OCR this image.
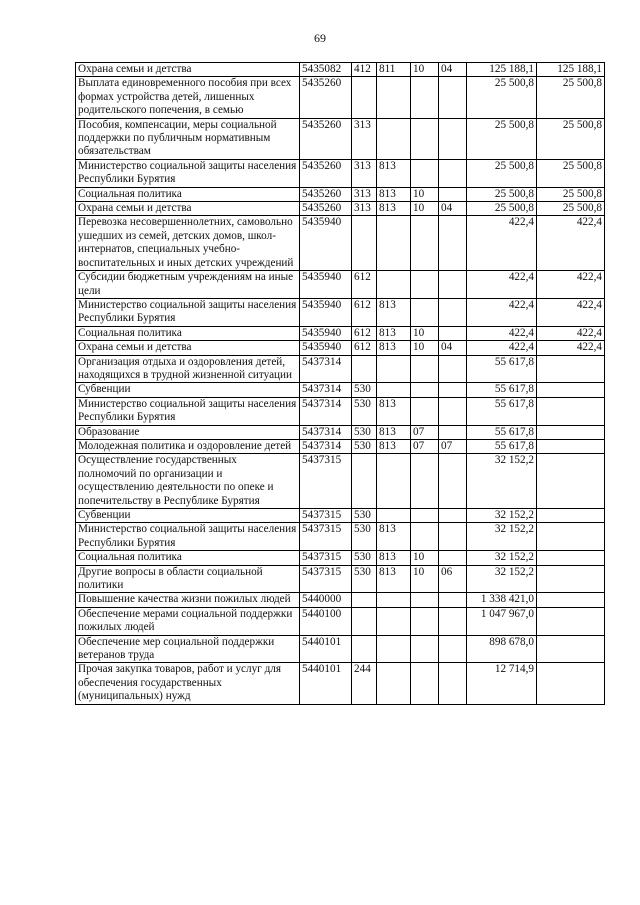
69
Охрана семьи и детства	5435082	412	811	10	04	125 188,1	125 188,1
Выплата единовременного пособия при всех формах устройства детей, лишенных родительского попечения, в семью	5435260					25 500,8	25 500,8
Пособия, компенсации, меры социальной поддержки по публичным нормативным обязательствам	5435260	313				25 500,8	25 500,8
Министерство социальной защиты населения Республики Бурятия	5435260	313	813			25 500,8	25 500,8
Социальная политика	5435260	313	813	10		25 500,8	25 500,8
Охрана семьи и детства	5435260	313	813	10	04	25 500,8	25 500,8
Перевозка несовершеннолетних, самовольно ушедших из семей, детских домов, школ-интернатов, специальных учебно-воспитательных и иных детских учреждений	5435940					422,4	422,4
Субсидии бюджетным учреждениям на иные цели	5435940	612				422,4	422,4
Министерство социальной защиты населения Республики Бурятия	5435940	612	813			422,4	422,4
Социальная политика	5435940	612	813	10		422,4	422,4
Охрана семьи и детства	5435940	612	813	10	04	422,4	422,4
Организация отдыха и оздоровления детей, находящихся в трудной жизненной ситуации	5437314					55 617,8	
Субвенции	5437314	530				55 617,8	
Министерство социальной защиты населения Республики Бурятия	5437314	530	813			55 617,8	
Образование	5437314	530	813	07		55 617,8	
Молодежная политика и оздоровление детей	5437314	530	813	07	07	55 617,8	
Осуществление государственных полномочий по организации и осуществлению деятельности по опеке и попечительству в Республике Бурятия	5437315					32 152,2	
Субвенции	5437315	530				32 152,2	
Министерство социальной защиты населения Республики Бурятия	5437315	530	813			32 152,2	
Социальная политика	5437315	530	813	10		32 152,2	
Другие вопросы в области социальной политики	5437315	530	813	10	06	32 152,2	
Повышение качества жизни пожилых людей	5440000					1 338 421,0	
Обеспечение мерами социальной поддержки пожилых людей	5440100					1 047 967,0	
Обеспечение мер социальной поддержки ветеранов труда	5440101					898 678,0	
Прочая закупка товаров, работ и услуг для обеспечения государственных (муниципальных) нужд	5440101	244				12 714,9	
